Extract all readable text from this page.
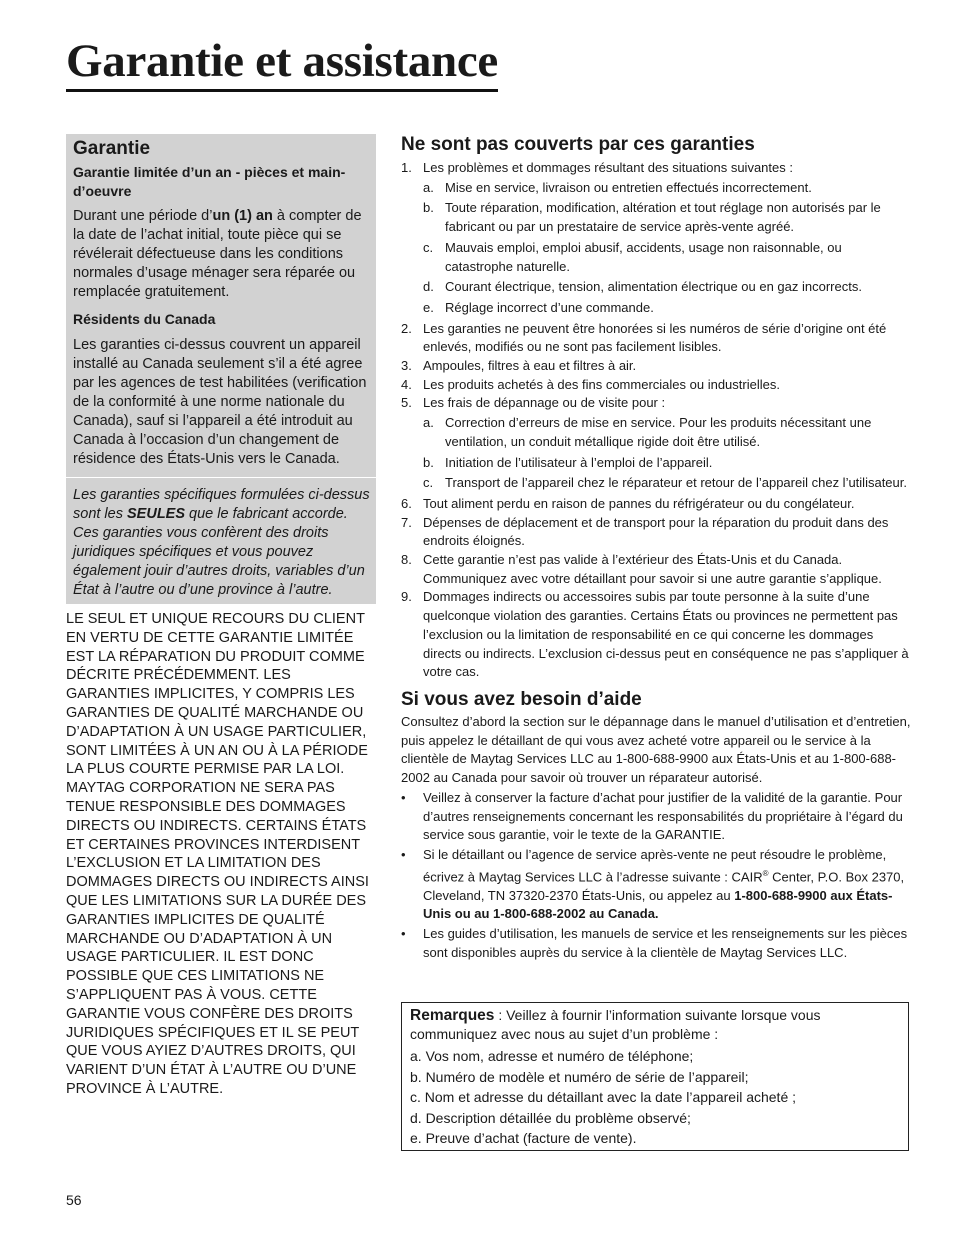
Garantie et assistance
Garantie
Garantie limitée d’un an - pièces et main-d’oeuvre

Durant une période d’un (1) an à compter de la date de l’achat initial, toute pièce qui se révélerait défectueuse dans les conditions normales d’usage ménager sera réparée ou remplacée gratuitement.

Résidents du Canada

Les garanties ci-dessus couvrent un appareil installé au Canada seulement s’il a été agree par les agences de test habilitées (verification de la conformité à une norme nationale du Canada), sauf si l’appareil a été introduit au Canada à l’occasion d’un changement de résidence des États-Unis vers le Canada.

Les garanties spécifiques formulées ci-dessus sont les SEULES que le fabricant accorde. Ces garanties vous confèrent des droits juridiques spécifiques et vous pouvez également jouir d’autres droits, variables d’un État à l’autre ou d’une province à l’autre.

LE SEUL ET UNIQUE RECOURS DU CLIENT EN VERTU DE CETTE GARANTIE LIMITÉE EST LA RÉPARATION DU PRODUIT COMME DÉCRITE PRÉCÉDEMMENT. LES GARANTIES IMPLICITES, Y COMPRIS LES GARANTIES DE QUALITÉ MARCHANDE OU D’ADAPTATION À UN USAGE PARTICULIER, SONT LIMITÉES À UN AN OU À LA PÉRIODE LA PLUS COURTE PERMISE PAR LA LOI. MAYTAG CORPORATION NE SERA PAS TENUE RESPONSIBLE DES DOMMAGES DIRECTS OU INDIRECTS. CERTAINS ÉTATS ET CERTAINES PROVINCES INTERDISENT L’EXCLUSION ET LA LIMITATION DES DOMMAGES DIRECTS OU INDIRECTS AINSI QUE LES LIMITATIONS SUR LA DURÉE DES GARANTIES IMPLICITES DE QUALITÉ MARCHANDE OU D’ADAPTATION À UN USAGE PARTICULIER. IL EST DONC POSSIBLE QUE CES LIMITATIONS NE S’APPLIQUENT PAS À VOUS. CETTE GARANTIE VOUS CONFÈRE DES DROITS JURIDIQUES SPÉCIFIQUES ET IL SE PEUT QUE VOUS AYIEZ D’AUTRES DROITS, QUI VARIENT D’UN ÉTAT À L’AUTRE OU D’UNE PROVINCE À L’AUTRE.

Ne sont pas couverts par ces garanties
1. Les problèmes et dommages résultant des situations suivantes :
a. Mise en service, livraison ou entretien effectués incorrectement.
b. Toute réparation, modification, altération et tout réglage non autorisés par le fabricant ou par un prestataire de service après-vente agréé.
c. Mauvais emploi, emploi abusif, accidents, usage non raisonnable, ou catastrophe naturelle.
d. Courant électrique, tension, alimentation électrique ou en gaz incorrects.
e. Réglage incorrect d’une commande.
2. Les garanties ne peuvent être honorées si les numéros de série d’origine ont été enlevés, modifiés ou ne sont pas facilement lisibles.
3. Ampoules, filtres à eau et filtres à air.
4. Les produits achetés à des fins commerciales ou industrielles.
5. Les frais de dépannage ou de visite pour :
a. Correction d’erreurs de mise en service. Pour les produits nécessitant une ventilation, un conduit métallique rigide doit être utilisé.
b. Initiation de l’utilisateur à l’emploi de l’appareil.
c. Transport de l’appareil chez le réparateur et retour de l’appareil chez l’utilisateur.
6. Tout aliment perdu en raison de pannes du réfrigérateur ou du congélateur.
7. Dépenses de déplacement et de transport pour la réparation du produit dans des endroits éloignés.
8. Cette garantie n’est pas valide à l’extérieur des États-Unis et du Canada. Communiquez avec votre détaillant pour savoir si une autre garantie s’applique.
9. Dommages indirects ou accessoires subis par toute personne à la suite d’une quelconque violation des garanties. Certains États ou provinces ne permettent pas l’exclusion ou la limitation de responsabilité en ce qui concerne les dommages directs ou indirects. L’exclusion ci-dessus peut en conséquence ne pas s’appliquer à votre cas.
Si vous avez besoin d’aide

Consultez d’abord la section sur le dépannage dans le manuel d’utilisation et d’entretien, puis appelez le détaillant de qui vous avez acheté votre appareil ou le service à la clientèle de Maytag Services LLC au 1-800-688-9900 aux États-Unis et au 1-800-688-2002 au Canada pour savoir où trouver un réparateur autorisé.

• Veillez à conserver la facture d’achat pour justifier de la validité de la garantie. Pour d’autres renseignements concernant les responsabilités du propriétaire à l’égard du service sous garantie, voir le texte de la GARANTIE.
• Si le détaillant ou l’agence de service après-vente ne peut résoudre le problème, écrivez à Maytag Services LLC à l’adresse suivante : CAIR® Center, P.O. Box 2370, Cleveland, TN 37320-2370 États-Unis, ou appelez au 1-800-688-9900 aux États-Unis ou au 1-800-688-2002 au Canada.
• Les guides d’utilisation, les manuels de service et les renseignements sur les pièces sont disponibles auprès du service à la clientèle de Maytag Services LLC.

Remarques : Veillez à fournir l’information suivante lorsque vous communiquez avec nous au sujet d’un problème :

a. Vos nom, adresse et numéro de téléphone;

b. Numéro de modèle et numéro de série de l’appareil;

c. Nom et adresse du détaillant avec la date l’appareil acheté ;

d. Description détaillée du problème observé;

e. Preuve d’achat (facture de vente).

56
